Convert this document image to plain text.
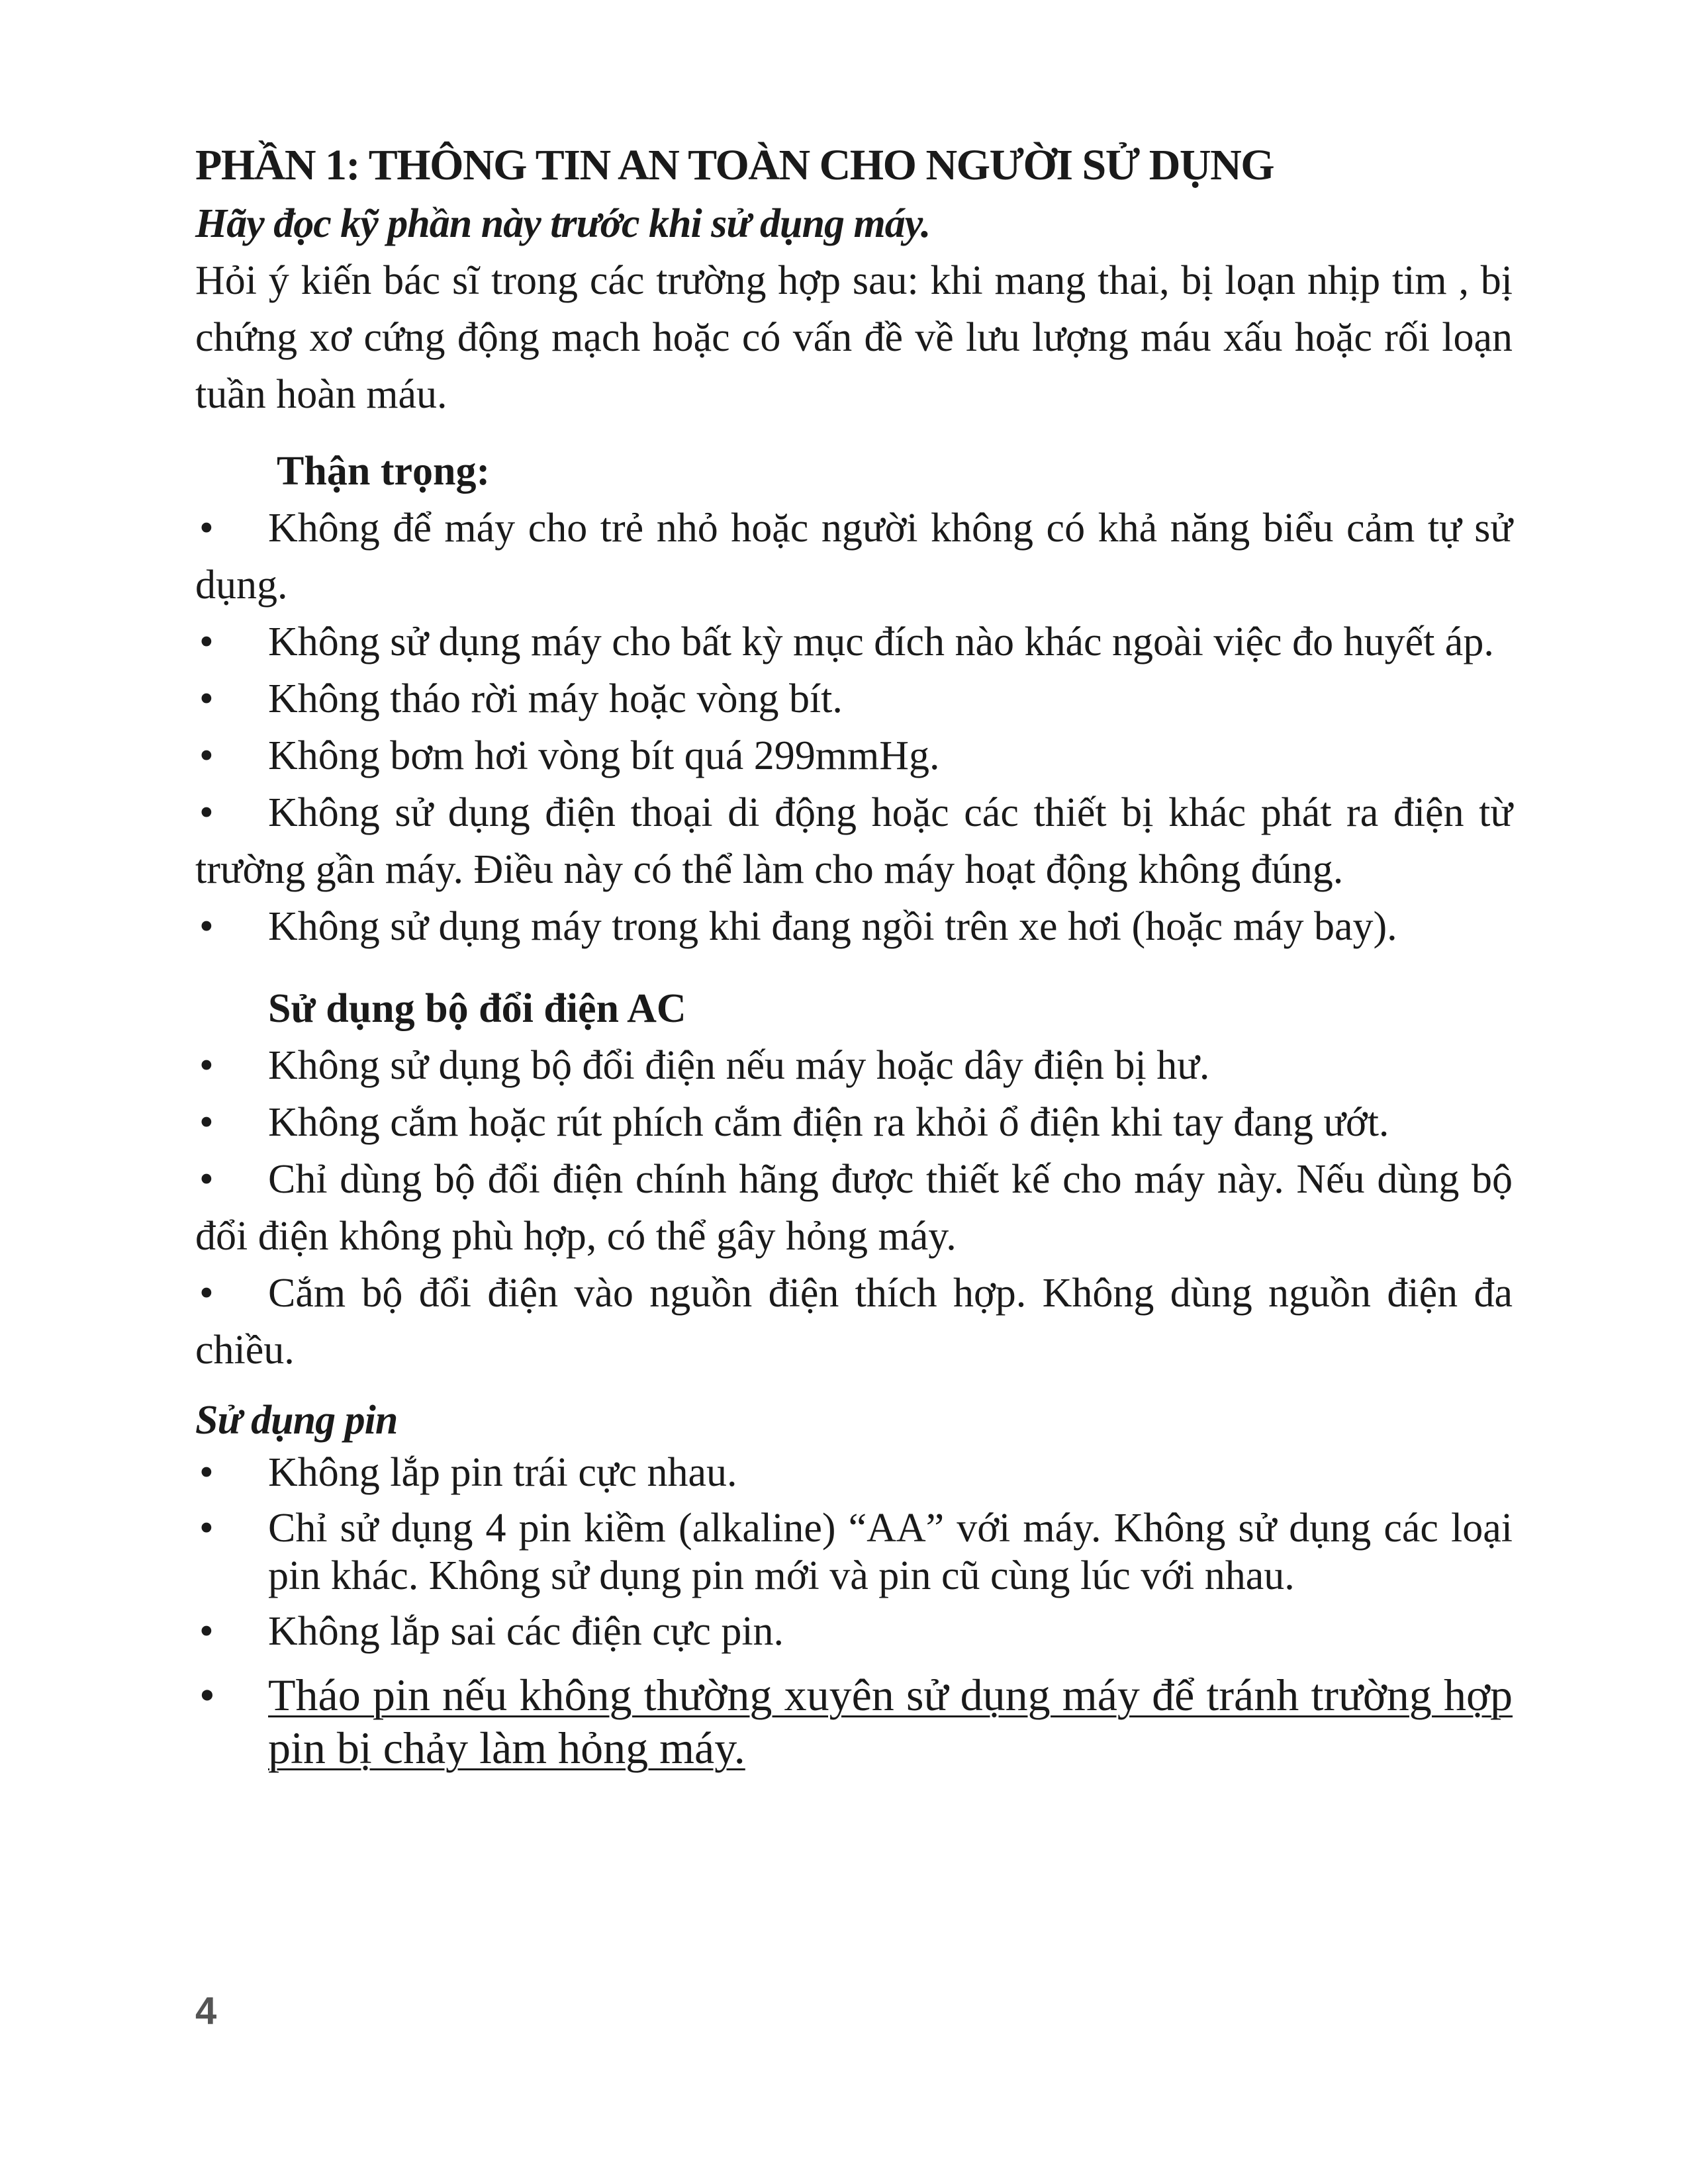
PHẦN 1: THÔNG TIN AN TOÀN CHO NGƯỜI SỬ DỤNG

Hãy đọc kỹ phần này trước khi sử dụng máy.

Hỏi ý kiến bác sĩ trong các trường hợp sau: khi mang thai, bị loạn nhịp tim , bị chứng xơ cứng động mạch hoặc có vấn đề về lưu lượng máu xấu hoặc rối loạn tuần hoàn máu.

Thận trọng:
• Không để máy cho trẻ nhỏ hoặc người không có khả năng biểu cảm tự sử dụng.
• Không sử dụng máy cho bất kỳ mục đích nào khác ngoài việc đo huyết áp.
• Không tháo rời máy hoặc vòng bít.
• Không bơm hơi vòng bít quá 299mmHg.
• Không sử dụng điện thoại di động hoặc các thiết bị khác phát ra điện từ trường gần máy. Điều này có thể làm cho máy hoạt động không đúng.
• Không sử dụng máy trong khi đang ngồi trên xe hơi (hoặc máy bay).
Sử dụng bộ đổi điện AC
• Không sử dụng bộ đổi điện nếu máy hoặc dây điện bị hư.
• Không cắm hoặc rút phích cắm điện ra khỏi ổ điện khi tay đang ướt.
• Chỉ dùng bộ đổi điện chính hãng được thiết kế cho máy này. Nếu dùng bộ đổi điện không phù hợp, có thể gây hỏng máy.
• Cắm bộ đổi điện vào nguồn điện thích hợp. Không dùng nguồn điện đa chiều.
Sử dụng pin
• Không lắp pin trái cực nhau.
• Chỉ sử dụng 4 pin kiềm (alkaline) “AA” với máy. Không sử dụng các loại pin khác. Không sử dụng pin mới và pin cũ cùng lúc với nhau.
• Không lắp sai các điện cực pin.
• Tháo pin nếu không thường xuyên sử dụng máy để tránh trường hợp pin bị chảy làm hỏng máy.
4
